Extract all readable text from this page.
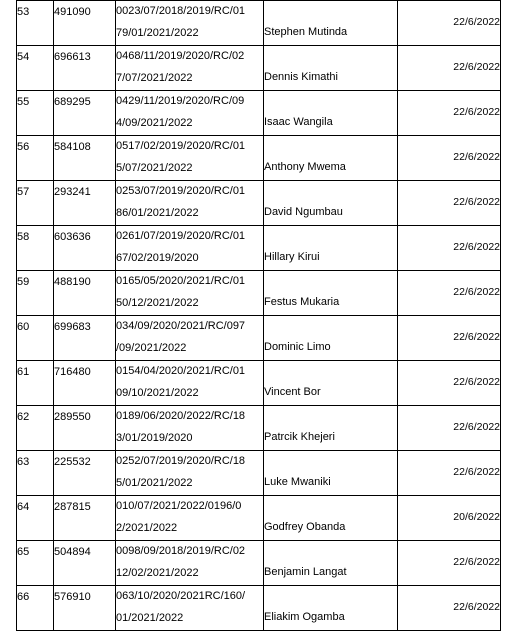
53	491090	0023/07/2018/2019/RC/01
79/01/2021/2022	Stephen Mutinda	22/6/2022

54	696613	0468/11/2019/2020/RC/02
7/07/2021/2022	Dennis Kimathi	22/6/2022

55	689295	0429/11/2019/2020/RC/09
4/09/2021/2022	Isaac Wangila	22/6/2022

56	584108	0517/02/2019/2020/RC/01
5/07/2021/2022	Anthony Mwema	22/6/2022

57	293241	0253/07/2019/2020/RC/01
86/01/2021/2022	David Ngumbau	22/6/2022

58	603636	0261/07/2019/2020/RC/01
67/02/2019/2020	Hillary Kirui	22/6/2022

59	488190	0165/05/2020/2021/RC/01
50/12/2021/2022	Festus Mukaria	22/6/2022

60	699683	034/09/2020/2021/RC/097
/09/2021/2022	Dominic Limo	22/6/2022

61	716480	0154/04/2020/2021/RC/01
09/10/2021/2022	Vincent Bor	22/6/2022

62	289550	0189/06/2020/2022/RC/18
3/01/2019/2020	Patrcik Khejeri	22/6/2022

63	225532	0252/07/2019/2020/RC/18
5/01/2021/2022	Luke Mwaniki	22/6/2022

64	287815	010/07/2021/2022/0196/0
2/2021/2022	Godfrey Obanda	20/6/2022

65	504894	0098/09/2018/2019/RC/02
12/02/2021/2022	Benjamin Langat	22/6/2022

66	576910	063/10/2020/2021RC/160/
01/2021/2022	Eliakim Ogamba	22/6/2022
